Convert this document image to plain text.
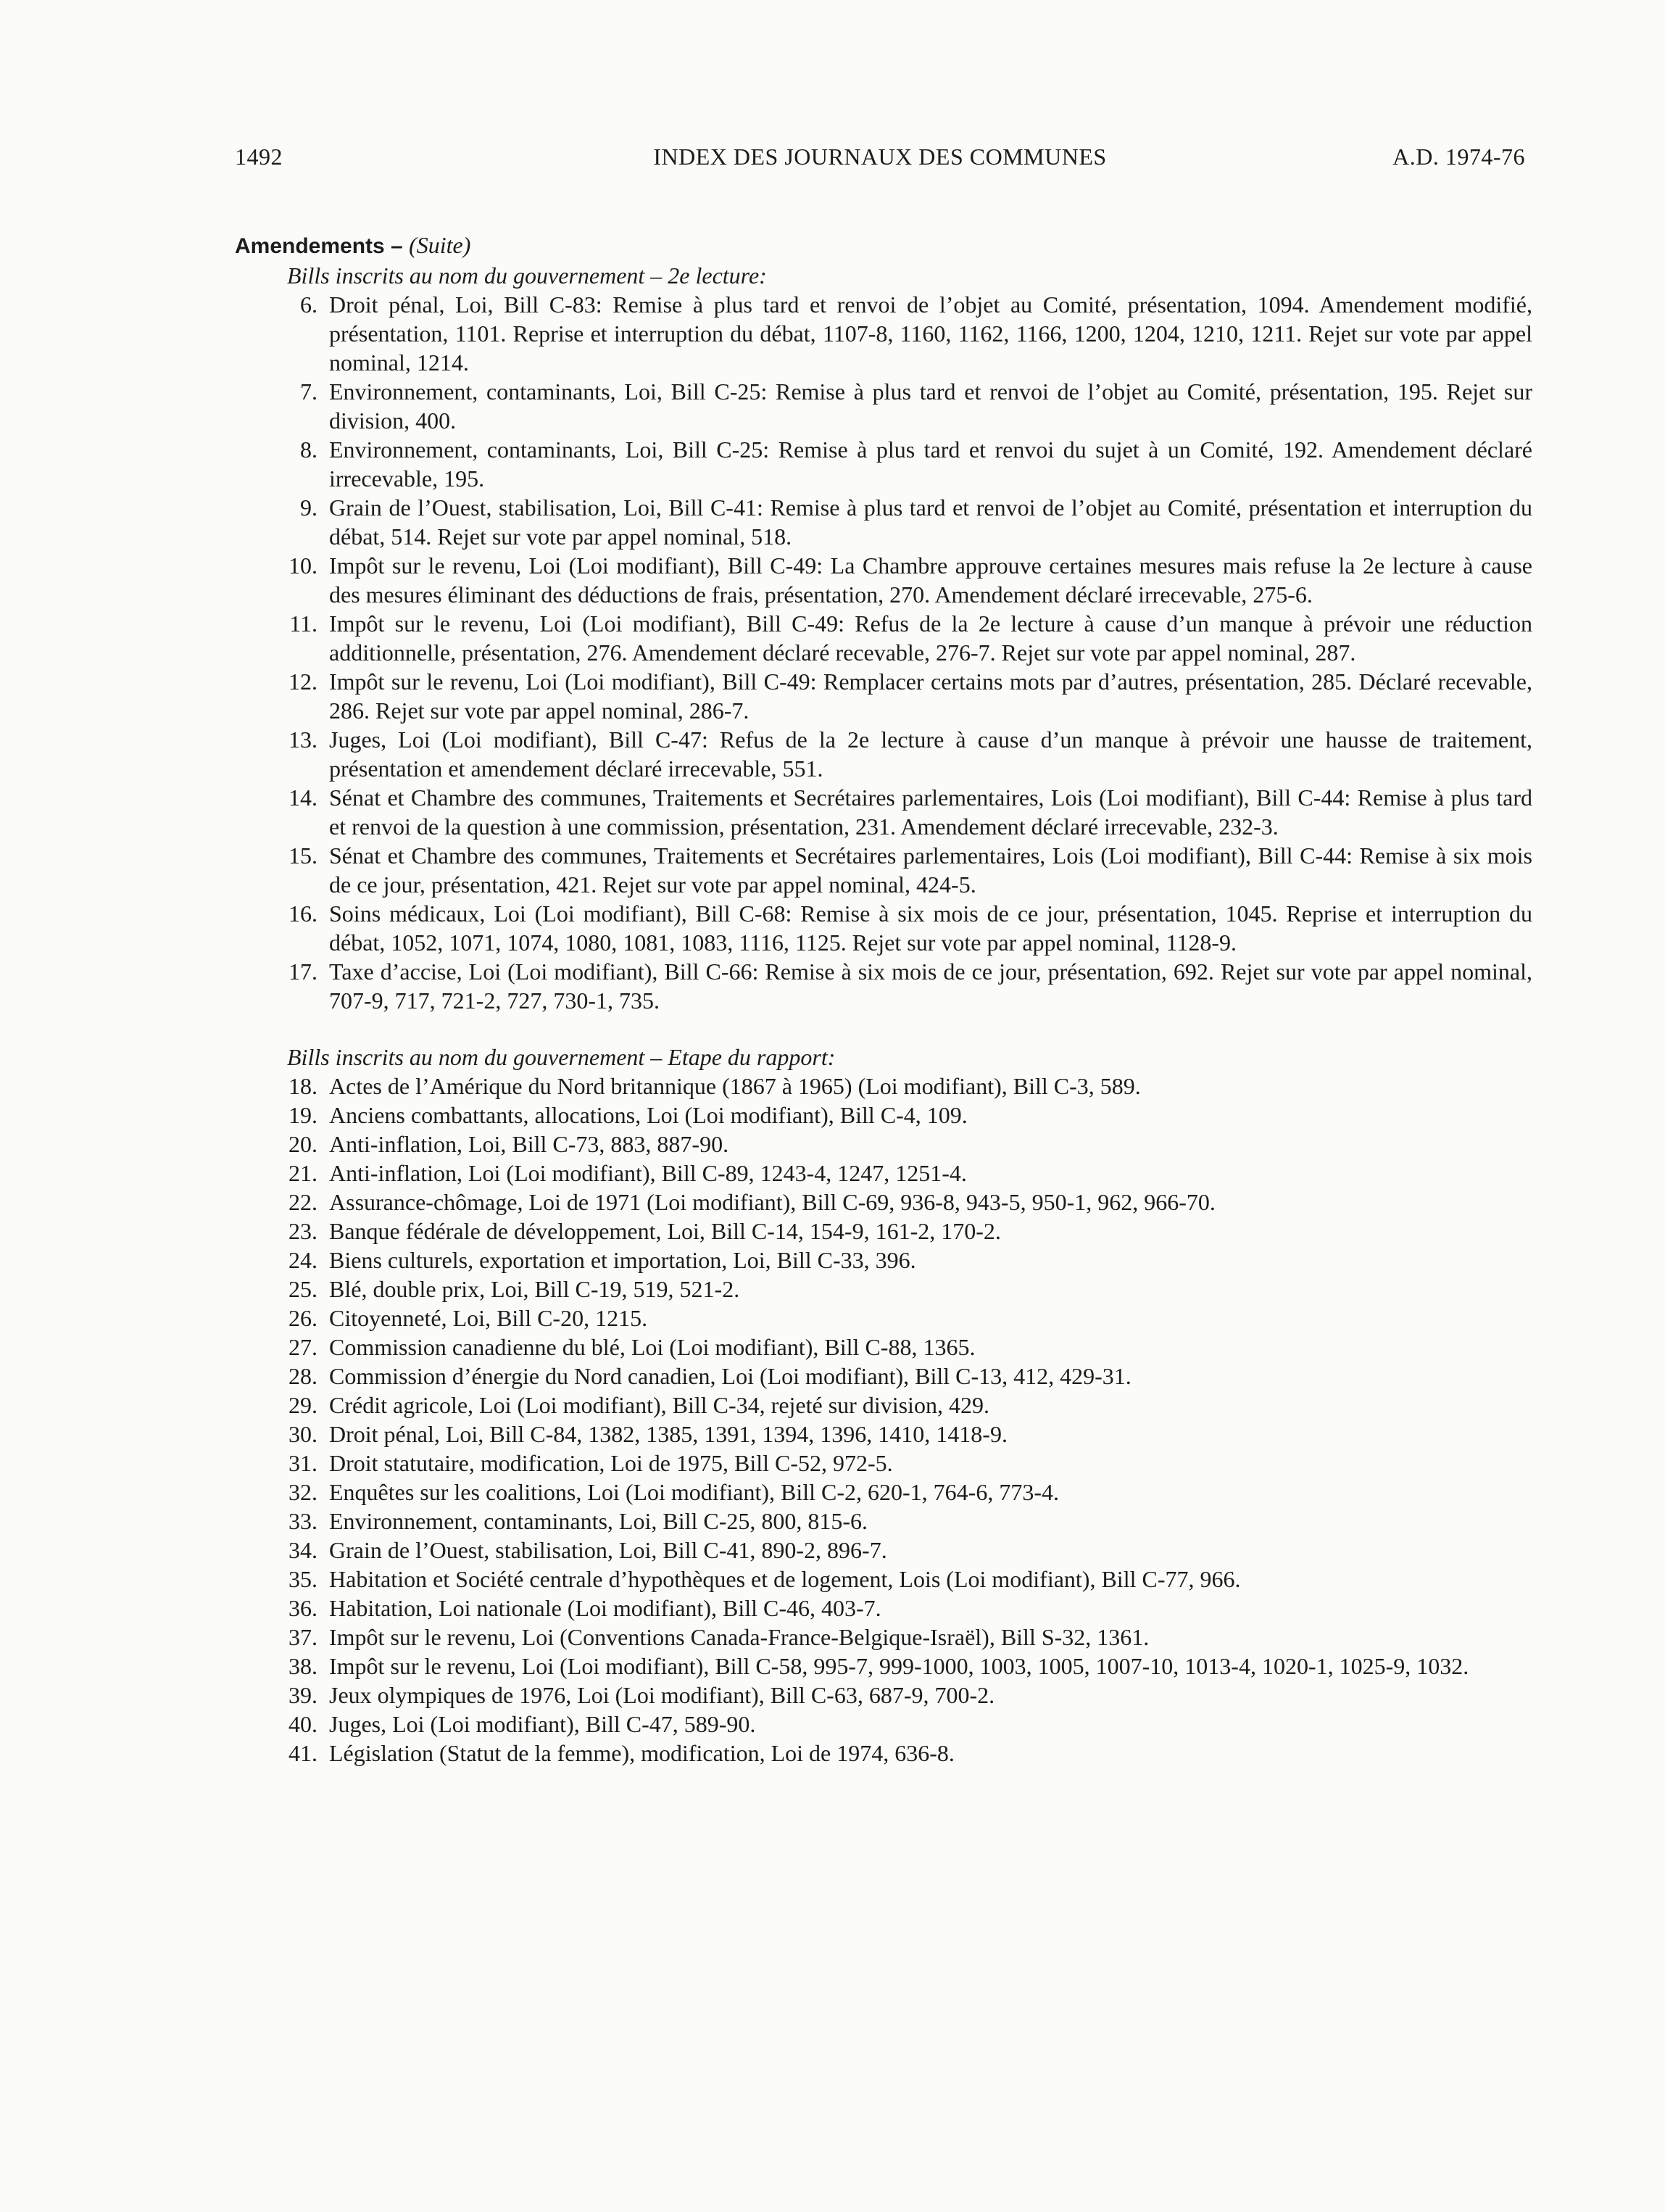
1492	INDEX DES JOURNAUX DES COMMUNES	A.D. 1974-76
Amendements – (Suite)
Bills inscrits au nom du gouvernement – 2e lecture:
6. Droit pénal, Loi, Bill C-83: Remise à plus tard et renvoi de l’objet au Comité, présentation, 1094. Amendement modifié, présentation, 1101. Reprise et interruption du débat, 1107-8, 1160, 1162, 1166, 1200, 1204, 1210, 1211. Rejet sur vote par appel nominal, 1214.
7. Environnement, contaminants, Loi, Bill C-25: Remise à plus tard et renvoi de l’objet au Comité, présentation, 195. Rejet sur division, 400.
8. Environnement, contaminants, Loi, Bill C-25: Remise à plus tard et renvoi du sujet à un Comité, 192. Amendement déclaré irrecevable, 195.
9. Grain de l’Ouest, stabilisation, Loi, Bill C-41: Remise à plus tard et renvoi de l’objet au Comité, présentation et interruption du débat, 514. Rejet sur vote par appel nominal, 518.
10. Impôt sur le revenu, Loi (Loi modifiant), Bill C-49: La Chambre approuve certaines mesures mais refuse la 2e lecture à cause des mesures éliminant des déductions de frais, présentation, 270. Amendement déclaré irrecevable, 275-6.
11. Impôt sur le revenu, Loi (Loi modifiant), Bill C-49: Refus de la 2e lecture à cause d’un manque à prévoir une réduction additionnelle, présentation, 276. Amendement déclaré recevable, 276-7. Rejet sur vote par appel nominal, 287.
12. Impôt sur le revenu, Loi (Loi modifiant), Bill C-49: Remplacer certains mots par d’autres, présentation, 285. Déclaré recevable, 286. Rejet sur vote par appel nominal, 286-7.
13. Juges, Loi (Loi modifiant), Bill C-47: Refus de la 2e lecture à cause d’un manque à prévoir une hausse de traitement, présentation et amendement déclaré irrecevable, 551.
14. Sénat et Chambre des communes, Traitements et Secrétaires parlementaires, Lois (Loi modifiant), Bill C-44: Remise à plus tard et renvoi de la question à une commission, présentation, 231. Amendement déclaré irrecevable, 232-3.
15. Sénat et Chambre des communes, Traitements et Secrétaires parlementaires, Lois (Loi modifiant), Bill C-44: Remise à six mois de ce jour, présentation, 421. Rejet sur vote par appel nominal, 424-5.
16. Soins médicaux, Loi (Loi modifiant), Bill C-68: Remise à six mois de ce jour, présentation, 1045. Reprise et interruption du débat, 1052, 1071, 1074, 1080, 1081, 1083, 1116, 1125. Rejet sur vote par appel nominal, 1128-9.
17. Taxe d’accise, Loi (Loi modifiant), Bill C-66: Remise à six mois de ce jour, présentation, 692. Rejet sur vote par appel nominal, 707-9, 717, 721-2, 727, 730-1, 735.
Bills inscrits au nom du gouvernement – Etape du rapport:
18. Actes de l’Amérique du Nord britannique (1867 à 1965) (Loi modifiant), Bill C-3, 589.
19. Anciens combattants, allocations, Loi (Loi modifiant), Bill C-4, 109.
20. Anti-inflation, Loi, Bill C-73, 883, 887-90.
21. Anti-inflation, Loi (Loi modifiant), Bill C-89, 1243-4, 1247, 1251-4.
22. Assurance-chômage, Loi de 1971 (Loi modifiant), Bill C-69, 936-8, 943-5, 950-1, 962, 966-70.
23. Banque fédérale de développement, Loi, Bill C-14, 154-9, 161-2, 170-2.
24. Biens culturels, exportation et importation, Loi, Bill C-33, 396.
25. Blé, double prix, Loi, Bill C-19, 519, 521-2.
26. Citoyenneté, Loi, Bill C-20, 1215.
27. Commission canadienne du blé, Loi (Loi modifiant), Bill C-88, 1365.
28. Commission d’énergie du Nord canadien, Loi (Loi modifiant), Bill C-13, 412, 429-31.
29. Crédit agricole, Loi (Loi modifiant), Bill C-34, rejeté sur division, 429.
30. Droit pénal, Loi, Bill C-84, 1382, 1385, 1391, 1394, 1396, 1410, 1418-9.
31. Droit statutaire, modification, Loi de 1975, Bill C-52, 972-5.
32. Enquêtes sur les coalitions, Loi (Loi modifiant), Bill C-2, 620-1, 764-6, 773-4.
33. Environnement, contaminants, Loi, Bill C-25, 800, 815-6.
34. Grain de l’Ouest, stabilisation, Loi, Bill C-41, 890-2, 896-7.
35. Habitation et Société centrale d’hypothèques et de logement, Lois (Loi modifiant), Bill C-77, 966.
36. Habitation, Loi nationale (Loi modifiant), Bill C-46, 403-7.
37. Impôt sur le revenu, Loi (Conventions Canada-France-Belgique-Israël), Bill S-32, 1361.
38. Impôt sur le revenu, Loi (Loi modifiant), Bill C-58, 995-7, 999-1000, 1003, 1005, 1007-10, 1013-4, 1020-1, 1025-9, 1032.
39. Jeux olympiques de 1976, Loi (Loi modifiant), Bill C-63, 687-9, 700-2.
40. Juges, Loi (Loi modifiant), Bill C-47, 589-90.
41. Législation (Statut de la femme), modification, Loi de 1974, 636-8.
